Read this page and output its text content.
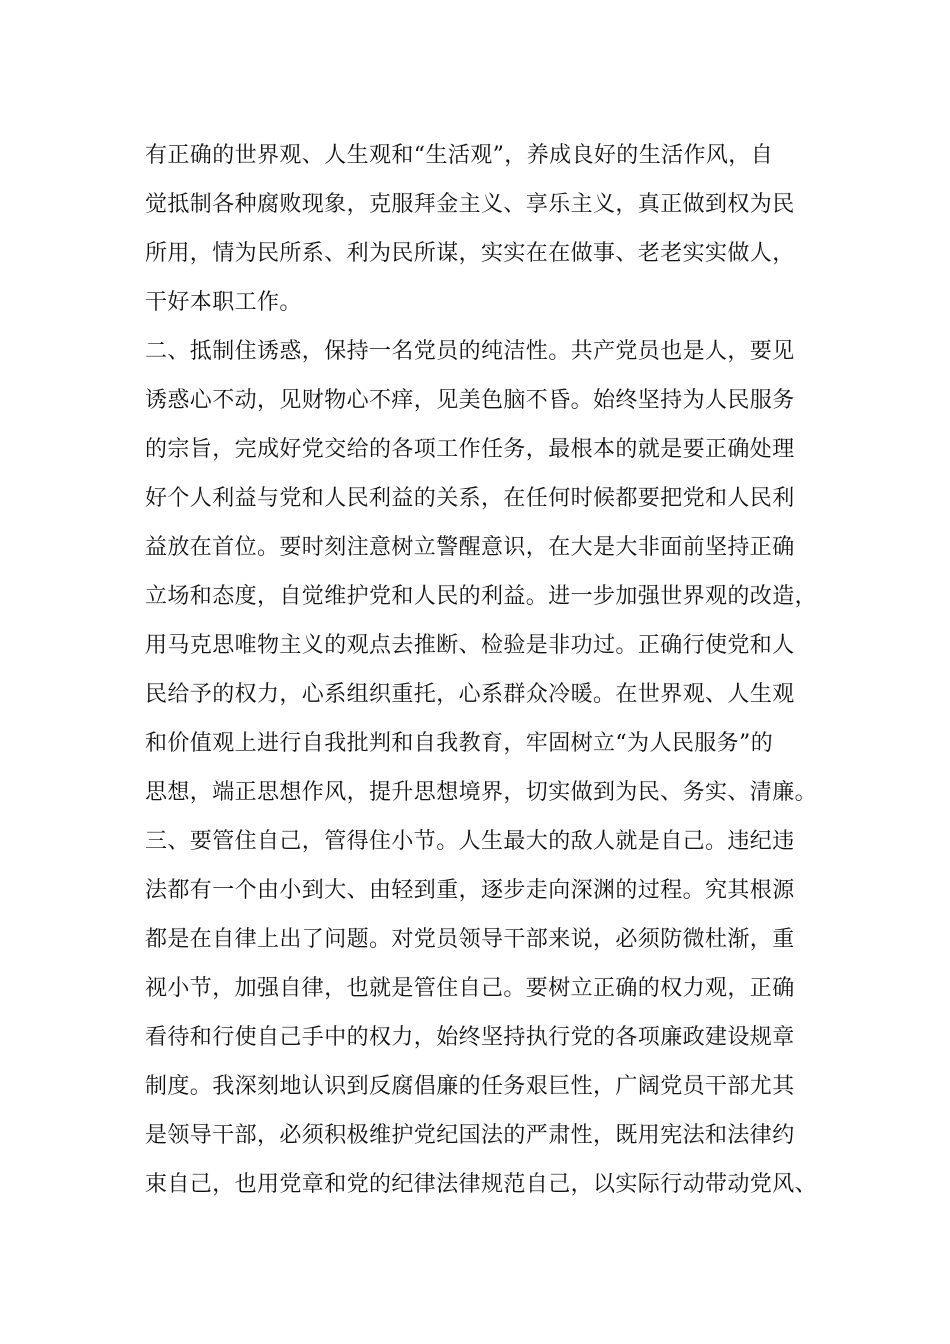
有正确的世界观、人生观和“生活观”，养成良好的生活作风，自
觉抵制各种腐败现象，克服拜金主义、享乐主义，真正做到权为民
所用，情为民所系、利为民所谋，实实在在做事、老老实实做人，
干好本职工作。
二、抵制住诱惑，保持一名党员的纯洁性。共产党员也是人，要见
诱惑心不动，见财物心不痒，见美色脑不昏。始终坚持为人民服务
的宗旨，完成好党交给的各项工作任务，最根本的就是要正确处理
好个人利益与党和人民利益的关系，在任何时候都要把党和人民利
益放在首位。要时刻注意树立警醒意识，在大是大非面前坚持正确
立场和态度，自觉维护党和人民的利益。进一步加强世界观的改造，
用马克思唯物主义的观点去推断、检验是非功过。正确行使党和人
民给予的权力，心系组织重托，心系群众冷暖。在世界观、人生观
和价值观上进行自我批判和自我教育，牢固树立“为人民服务”的
思想，端正思想作风，提升思想境界，切实做到为民、务实、清廉。
三、要管住自己，管得住小节。人生最大的敌人就是自己。违纪违
法都有一个由小到大、由轻到重，逐步走向深渊的过程。究其根源
都是在自律上出了问题。对党员领导干部来说，必须防微杜渐，重
视小节，加强自律，也就是管住自己。要树立正确的权力观，正确
看待和行使自己手中的权力，始终坚持执行党的各项廉政建设规章
制度。我深刻地认识到反腐倡廉的任务艰巨性，广阔党员干部尤其
是领导干部，必须积极维护党纪国法的严肃性，既用宪法和法律约
束自己，也用党章和党的纪律法律规范自己，以实际行动带动党风、
